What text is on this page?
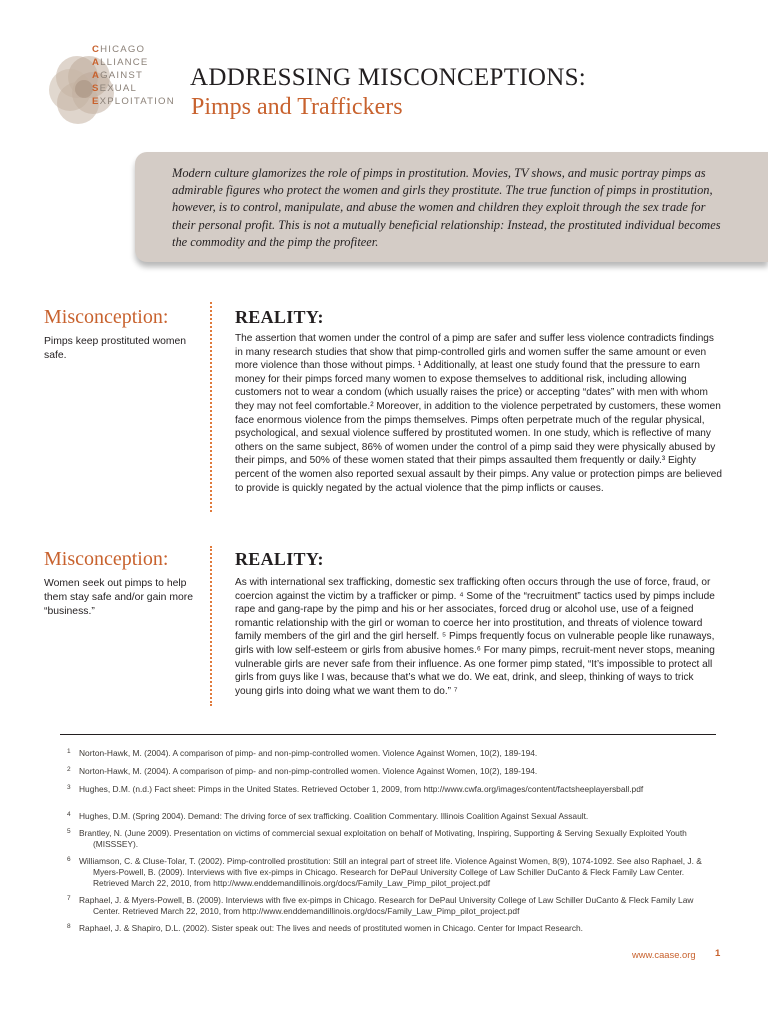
CHICAGO
ALLIANCE
AGAINST
SEXUAL
EXPLOITATION
ADDRESSING MISCONCEPTIONS:
Pimps and Traffickers
Modern culture glamorizes the role of pimps in prostitution. Movies, TV shows, and music portray pimps as admirable figures who protect the women and girls they prostitute. The true function of pimps in prostitution, however, is to control, manipulate, and abuse the women and children they exploit through the sex trade for their personal profit. This is not a mutually beneficial relationship: Instead, the prostituted individual becomes the commodity and the pimp the profiteer.
Misconception:
Pimps keep prostituted women safe.
REALITY:
The assertion that women under the control of a pimp are safer and suffer less violence contradicts findings in many research studies that show that pimp-controlled girls and women suffer the same amount or even more violence than those without pimps. ¹ Additionally, at least one study found that the pressure to earn money for their pimps forced many women to expose themselves to additional risk, including allowing customers not to wear a condom (which usually raises the price) or accepting “dates” with men with whom they may not feel comfortable.² Moreover, in addition to the violence perpetrated by customers, these women face enormous violence from the pimps themselves. Pimps often perpetrate much of the regular physical, psychological, and sexual violence suffered by prostituted women. In one study, which is reflective of many others on the same subject, 86% of women under the control of a pimp said they were physically abused by their pimps, and 50% of these women stated that their pimps assaulted them frequently or daily.³ Eighty percent of the women also reported sexual assault by their pimps. Any value or protection pimps are believed to provide is quickly negated by the actual violence that the pimp inflicts or causes.
Misconception:
Women seek out pimps to help them stay safe and/or gain more “business.”
REALITY:
As with international sex trafficking, domestic sex trafficking often occurs through the use of force, fraud, or coercion against the victim by a trafficker or pimp. ⁴ Some of the “recruitment” tactics used by pimps include rape and gang-rape by the pimp and his or her associates, forced drug or alcohol use, use of a feigned romantic relationship with the girl or woman to coerce her into prostitution, and threats of violence toward family members of the girl and the girl herself. ⁵ Pimps frequently focus on vulnerable people like runaways, girls with low self-esteem or girls from abusive homes.⁶ For many pimps, recruit-ment never stops, meaning vulnerable girls are never safe from their influence. As one former pimp stated, “It’s impossible to protect all girls from guys like I was, because that’s what we do. We eat, drink, and sleep, thinking of ways to trick young girls into doing what we want them to do.” ⁷
1 Norton-Hawk, M. (2004). A comparison of pimp- and non-pimp-controlled women. Violence Against Women, 10(2), 189-194.
2 Norton-Hawk, M. (2004). A comparison of pimp- and non-pimp-controlled women. Violence Against Women, 10(2), 189-194.
3 Hughes, D.M. (n.d.) Fact sheet: Pimps in the United States. Retrieved October 1, 2009, from http://www.cwfa.org/images/content/factsheeplayersball.pdf
4 Hughes, D.M. (Spring 2004). Demand: The driving force of sex trafficking. Coalition Commentary. Illinois Coalition Against Sexual Assault.
5 Brantley, N. (June 2009). Presentation on victims of commercial sexual exploitation on behalf of Motivating, Inspiring, Supporting & Serving Sexually Exploited Youth (MISSSEY).
6 Williamson, C. & Cluse-Tolar, T. (2002). Pimp-controlled prostitution: Still an integral part of street life. Violence Against Women, 8(9), 1074-1092. See also Raphael, J. & Myers-Powell, B. (2009). Interviews with five ex-pimps in Chicago. Research for DePaul University College of Law Schiller DuCanto & Fleck Family Law Center. Retrieved March 22, 2010, from http://www.enddemandillinois.org/docs/Family_Law_Pimp_pilot_project.pdf
7 Raphael, J. & Myers-Powell, B. (2009). Interviews with five ex-pimps in Chicago. Research for DePaul University College of Law Schiller DuCanto & Fleck Family Law Center. Retrieved March 22, 2010, from http://www.enddemandillinois.org/docs/Family_Law_Pimp_pilot_project.pdf
8 Raphael, J. & Shapiro, D.L. (2002). Sister speak out: The lives and needs of prostituted women in Chicago. Center for Impact Research.
www.caase.org 1
